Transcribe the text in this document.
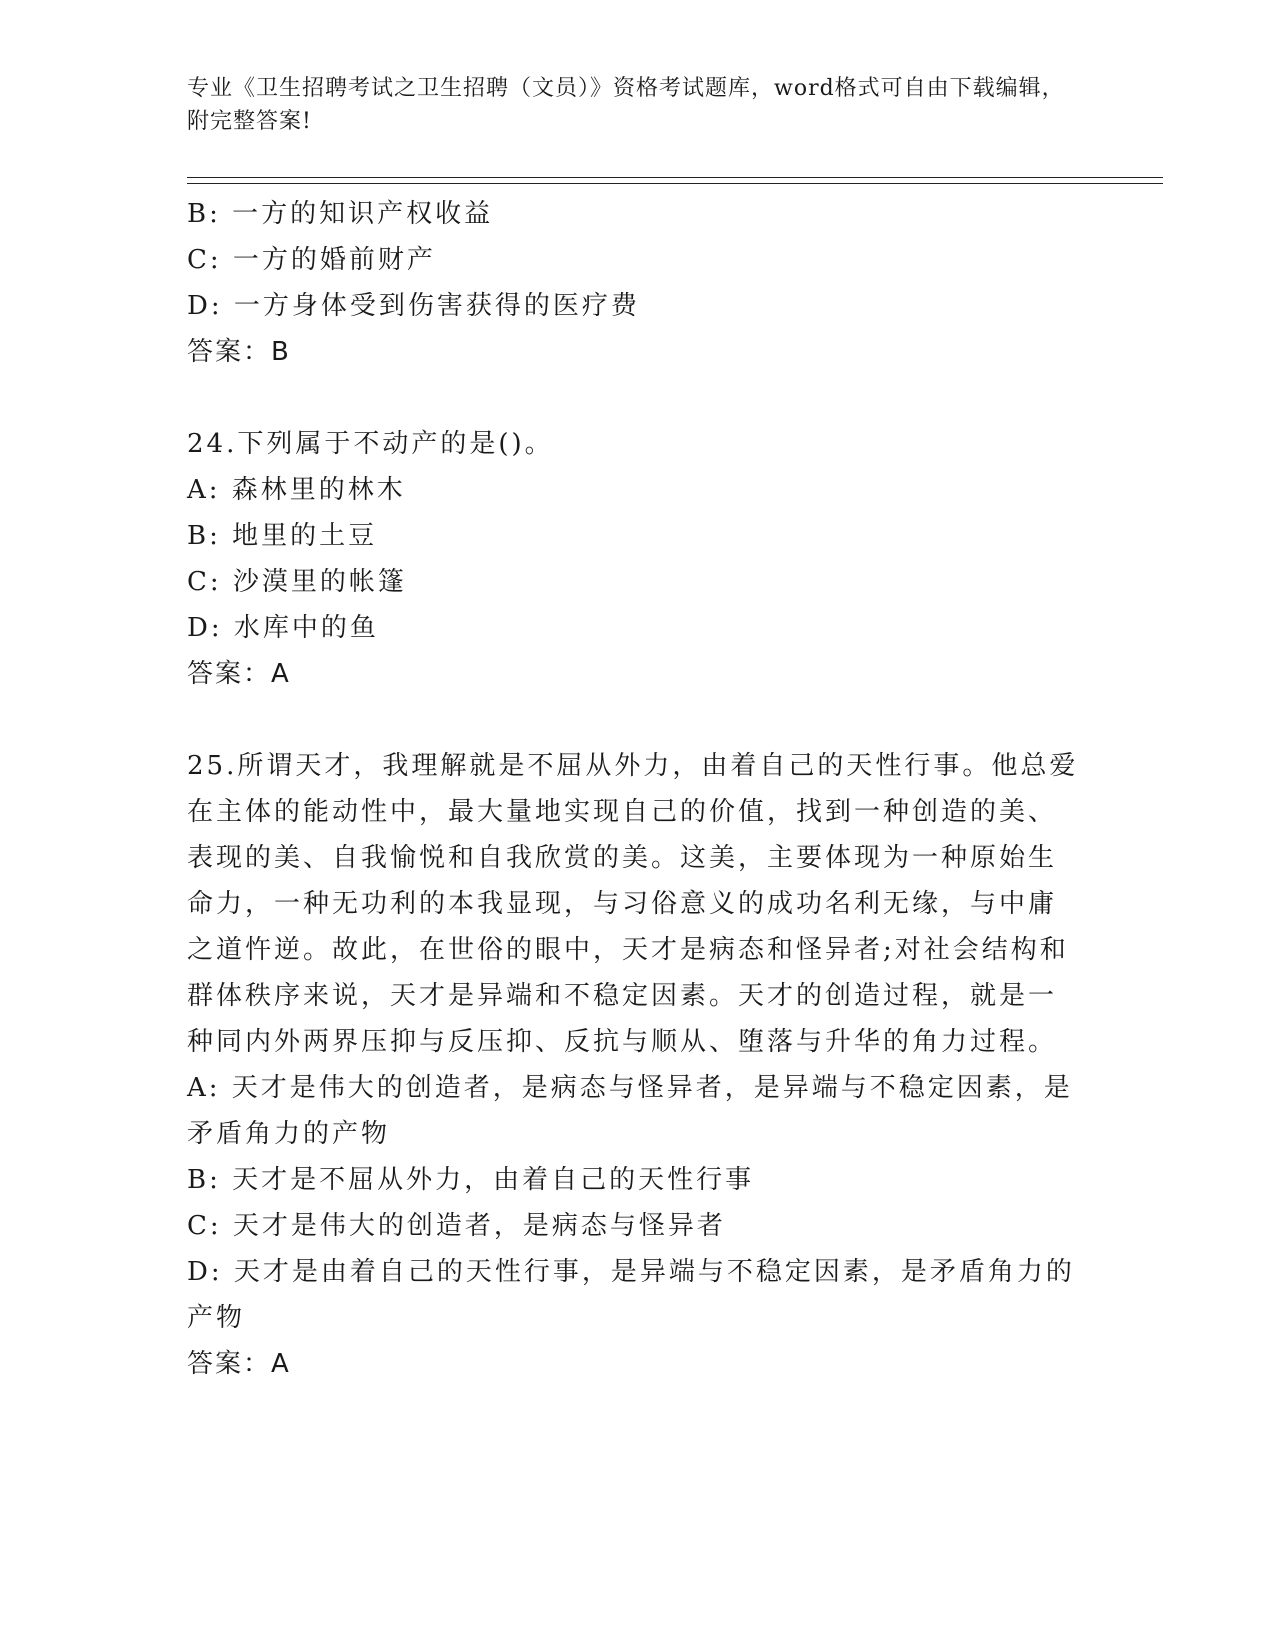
专业《卫生招聘考试之卫生招聘（文员）》资格考试题库，word格式可自由下载编辑，附完整答案!
B: 一方的知识产权收益
C: 一方的婚前财产
D: 一方身体受到伤害获得的医疗费
答案：B
24.下列属于不动产的是()。
A: 森林里的林木
B: 地里的土豆
C: 沙漠里的帐篷
D: 水库中的鱼
答案：A
25.所谓天才，我理解就是不屈从外力，由着自己的天性行事。他总爱
在主体的能动性中，最大量地实现自己的价值，找到一种创造的美、
表现的美、自我愉悦和自我欣赏的美。这美，主要体现为一种原始生
命力，一种无功利的本我显现，与习俗意义的成功名利无缘，与中庸
之道忤逆。故此，在世俗的眼中，天才是病态和怪异者;对社会结构和
群体秩序来说，天才是异端和不稳定因素。天才的创造过程，就是一
种同内外两界压抑与反压抑、反抗与顺从、堕落与升华的角力过程。
A: 天才是伟大的创造者，是病态与怪异者，是异端与不稳定因素，是
矛盾角力的产物
B: 天才是不屈从外力，由着自己的天性行事
C: 天才是伟大的创造者，是病态与怪异者
D: 天才是由着自己的天性行事，是异端与不稳定因素，是矛盾角力的
产物
答案：A
